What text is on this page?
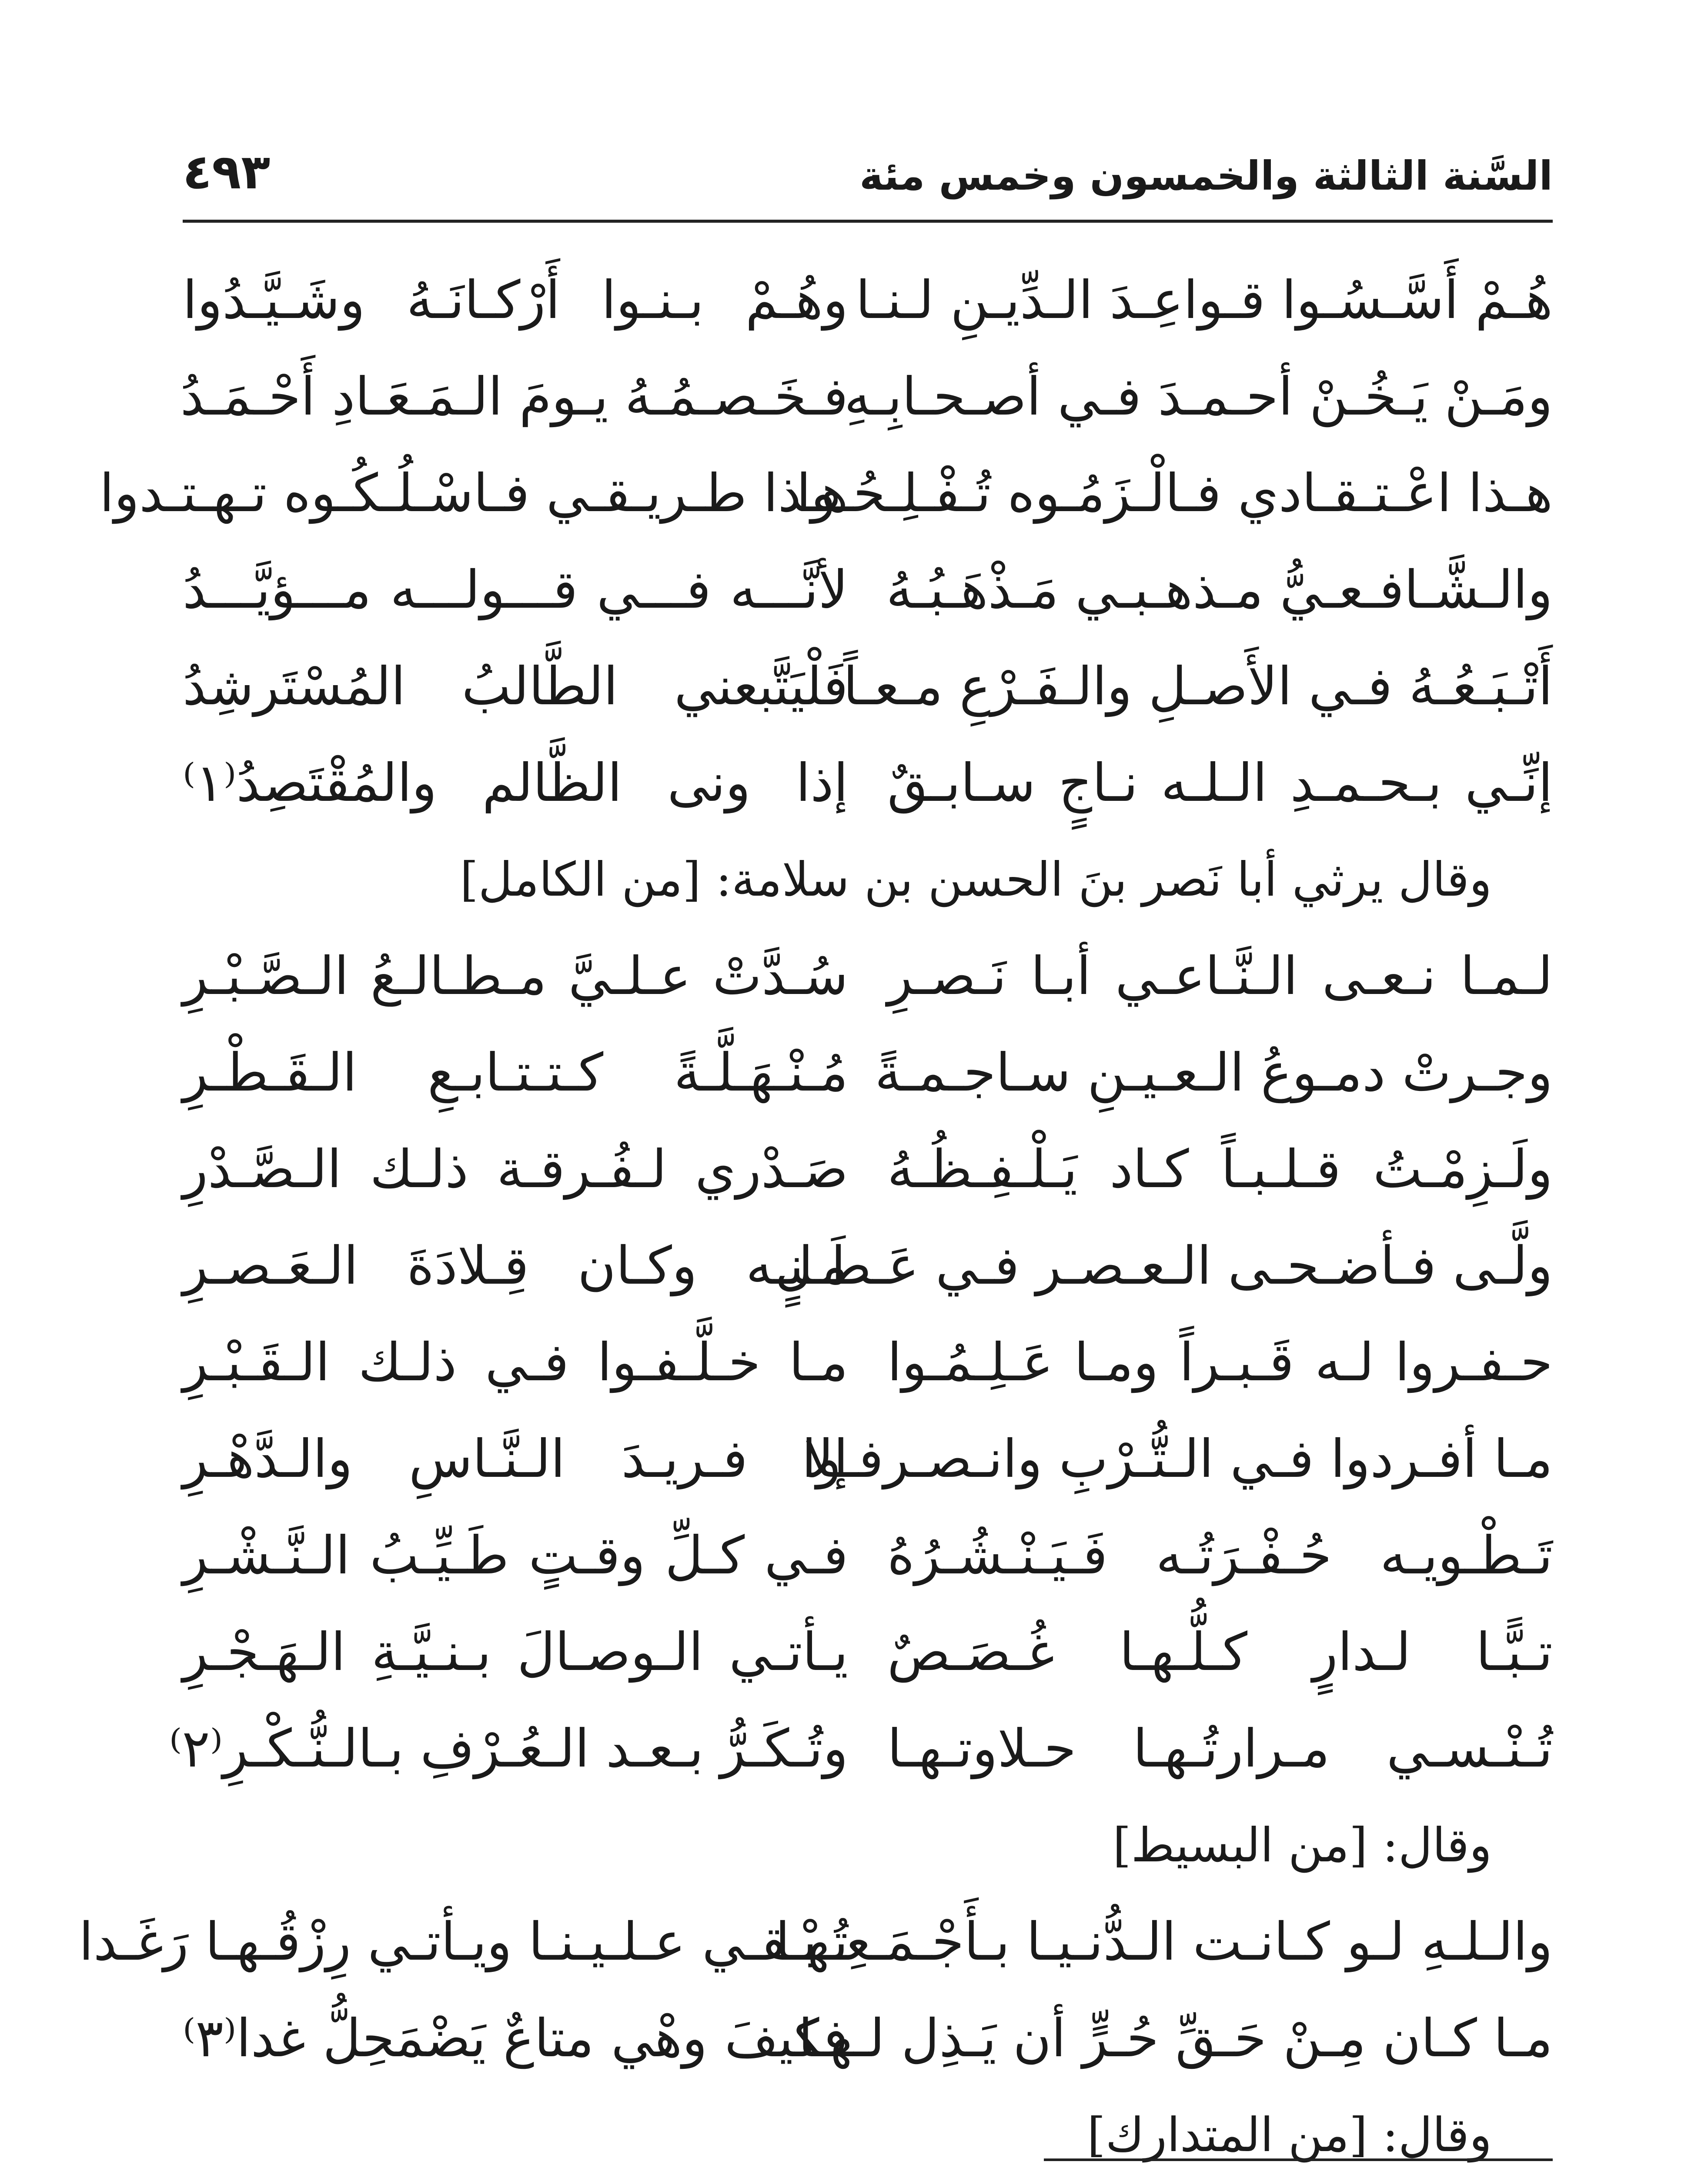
السَّنة الثالثة والخمسون وخمس مئة
٤٩٣
هُـمْ أَسَّـسُـوا قـواعِـدَ الـدِّيـنِ لـنـا
وهُـمْ بـنـوا أَرْكـانَـهُ وشَـيَّـدُوا
ومَـنْ يَـخُـنْ أحـمـدَ فـي أصـحـابِـهِ
فـخَـصـمُـهُ يـومَ الـمَـعَـادِ أَحْـمَـدُ
هـذا اعْـتـقـادي فـالْـزَمُـوه تُـفْـلِـحُـوا
هـذا طـريـقـي فـاسْـلُـكُـوه تـهـتـدوا
والـشَّـافـعـيُّ مـذهـبـي مَـذْهَـبُـهُ
لأنَّـــه فـــي قـــولـــه مـــؤيَّـــدُ
أَتْـبَـعُـهُ فـي الأَصـلِ والـفَـرْعِ مـعـاً
فَلْيَتَّبعني الطَّالبُ المُسْتَرشِدُ
إنِّـي بـحـمـدِ الـلـه نـاجٍ سـابـقٌ
إذا ونى الظَّالم والمُقْتَصِدُ⁽١⁾
وقال يرثي أبا نَصر بنَ الحسن بن سلامة: [من الكامل]
لـمـا نـعـى الـنَّـاعـي أبـا نَـصـرِ
سُـدَّتْ عـلـيَّ مـطـالـعُ الـصَّـبْـرِ
وجـرتْ دمـوعُ الـعـيـنِ سـاجـمـةً
مُـنْـهَـلَّـةً كـتـتـابـعِ الـقَـطْـرِ
ولَـزِمْـتُ قـلـبـاً كـاد يَـلْـفِـظُـهُ
صَـدْري لـفُـرقـة ذلـك الـصَّـدْرِ
ولَّـى فـأضـحـى الـعـصـر فـي عَـطَـلٍ
مـنـه وكـان قِـلادَةَ الـعَـصـرِ
حـفـروا لـه قَـبـراً ومـا عَـلِـمُـوا
مـا خـلَّـفـوا فـي ذلـك الـقَـبْـرِ
مـا أفـردوا فـي الـتُّـرْبِ وانـصـرفـوا
إلا فـريـدَ الـنَّـاسِ والـدَّهْـرِ
تَـطْـويـه حُـفْـرَتُـه فَـيَـنْـشُـرُهُ
فـي كـلِّ وقـتٍ طَـيِّـبُ الـنَّـشْـرِ
تـبًّـا لـدارٍ كـلُّـهـا غُـصَـصٌ
يـأتـي الـوصـالَ بـنـيَّـةِ الـهَـجْـرِ
تُـنْـسـي مـرارتُـهـا حـلاوتـهـا
وتُـكَـرُّ بـعـد الـعُـرْفِ بـالـنُّـكْـرِ⁽٢⁾
وقال: [من البسيط]
والـلـهِ لـو كـانـت الـدُّنـيـا بـأَجْـمَـعِـهـا
تُـبْـقـي عـلـيـنـا ويـأتـي رِزْقُـهـا رَغَـدا
مـا كـان مِـنْ حَـقِّ حُـرٍّ أن يَـذِل لـهـا
فكيفَ وهْي متاعٌ يَضْمَحِلُّ غدا⁽٣⁾
وقال: [من المتدارك]
